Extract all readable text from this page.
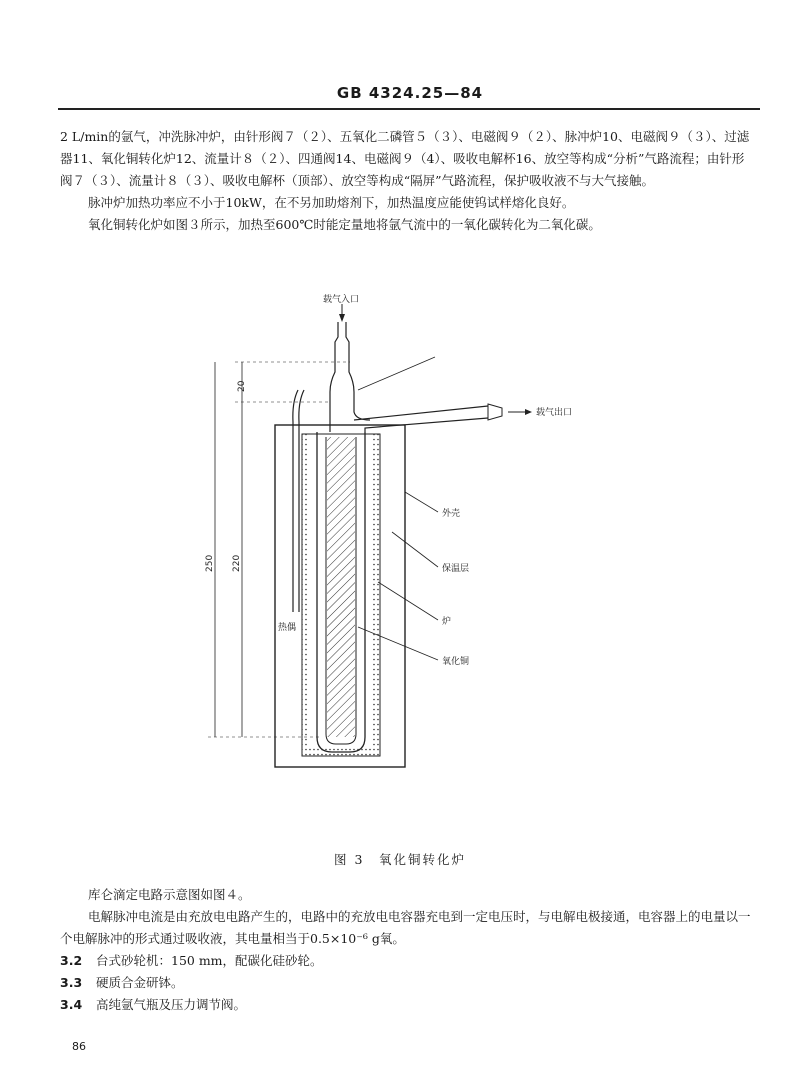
GB 4324.25—84

2 L/min的氩气，冲洗脉冲炉，由针形阀７（２）、五氧化二磷管５（３）、电磁阀９（２）、脉冲炉10、电磁阀９（３）、过滤器11、氧化铜转化炉12、流量计８（２）、四通阀14、电磁阀９（4）、吸收电解杯16、放空等构成“分析”气路流程；由针形阀７（３）、流量计８（３）、吸收电解杯（顶部）、放空等构成“隔屏”气路流程，保护吸收液不与大气接触。

脉冲炉加热功率应不小于10kW，在不另加助熔剂下，加热温度应能使钨试样熔化良好。

氧化铜转化炉如图３所示，加热至600℃时能定量地将氩气流中的一氧化碳转化为二氧化碳。

20
250 220
载气入口
载气出口
外壳
保温层
炉
氧化铜
热偶
图 3　氧化铜转化炉

库仑滴定电路示意图如图４。

电解脉冲电流是由充放电电路产生的，电路中的充放电电容器充电到一定电压时，与电解电极接通，电容器上的电量以一个电解脉冲的形式通过吸收液，其电量相当于0.5×10⁻⁶ g氧。

3.2 台式砂轮机：150 mm，配碳化硅砂轮。

3.3 硬质合金研钵。

3.4 高纯氩气瓶及压力调节阀。

86
